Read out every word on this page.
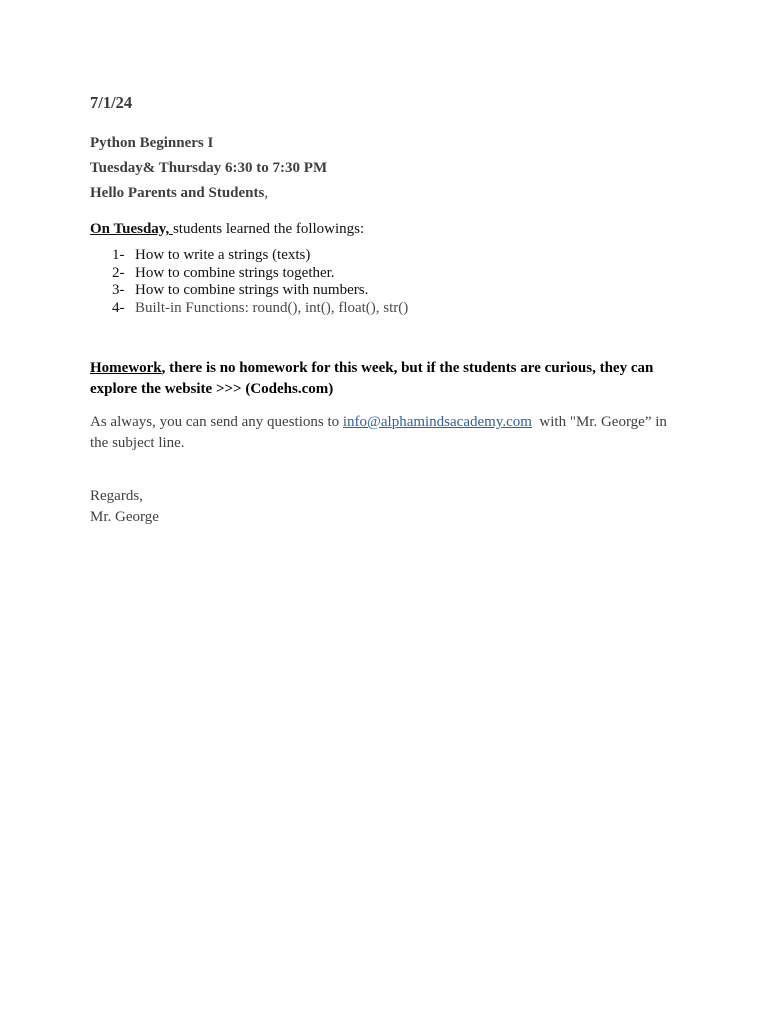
7/1/24
Python Beginners I
Tuesday& Thursday 6:30 to 7:30 PM
Hello Parents and Students,
On Tuesday, students learned the followings:
1- How to write a strings (texts)
2- How to combine strings together.
3- How to combine strings with numbers.
4- Built-in Functions: round(), int(), float(), str()
Homework, there is no homework for this week, but if the students are curious, they can explore the website >>> (Codehs.com)
As always, you can send any questions to info@alphamindsacademy.com  with "Mr. George” in the subject line.
Regards,
Mr. George
